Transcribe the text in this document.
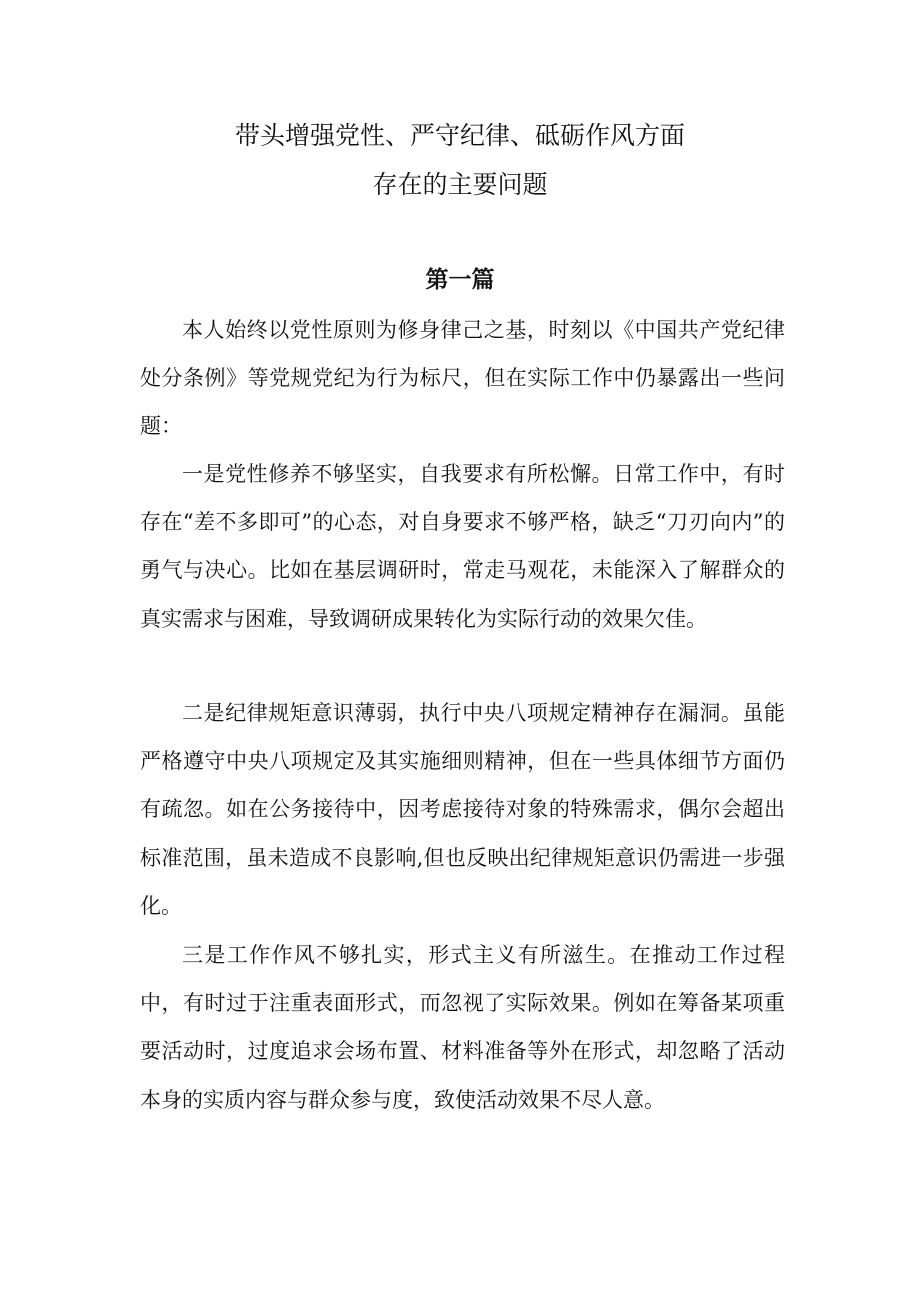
带头增强党性、严守纪律、砥砺作风方面
存在的主要问题
第一篇

本人始终以党性原则为修身律己之基，时刻以《中国共产党纪律处分条例》等党规党纪为行为标尺，但在实际工作中仍暴露出一些问题：

一是党性修养不够坚实，自我要求有所松懈。日常工作中，有时存在“差不多即可”的心态，对自身要求不够严格，缺乏“刀刃向内”的勇气与决心。比如在基层调研时，常走马观花，未能深入了解群众的真实需求与困难，导致调研成果转化为实际行动的效果欠佳。

二是纪律规矩意识薄弱，执行中央八项规定精神存在漏洞。虽能严格遵守中央八项规定及其实施细则精神，但在一些具体细节方面仍有疏忽。如在公务接待中，因考虑接待对象的特殊需求，偶尔会超出标准范围，虽未造成不良影响,但也反映出纪律规矩意识仍需进一步强化。

三是工作作风不够扎实，形式主义有所滋生。在推动工作过程中，有时过于注重表面形式，而忽视了实际效果。例如在筹备某项重要活动时，过度追求会场布置、材料准备等外在形式，却忽略了活动本身的实质内容与群众参与度，致使活动效果不尽人意。
